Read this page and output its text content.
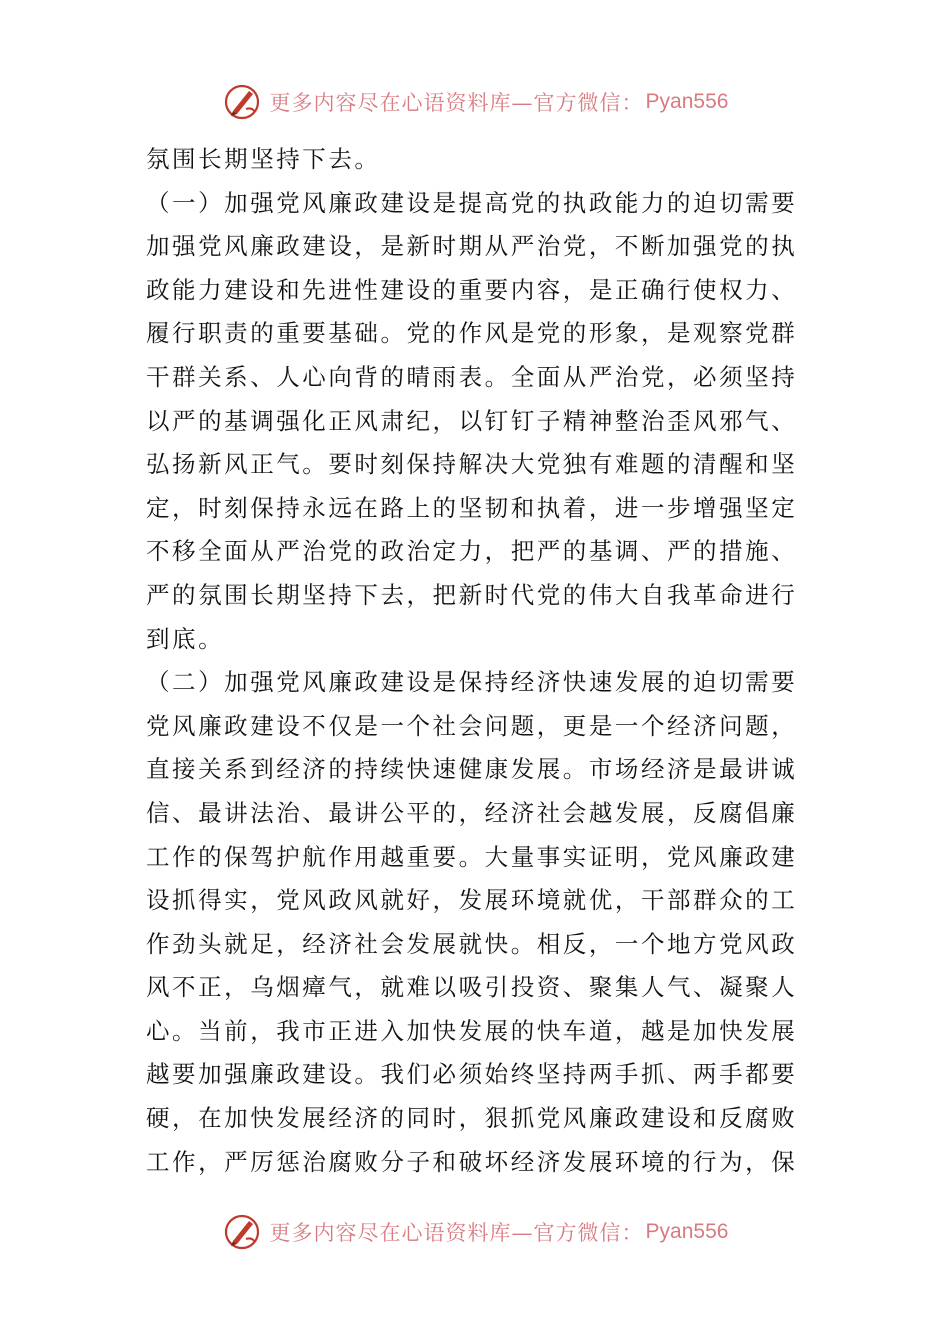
更多内容尽在心语资料库—官方微信： Pyan556
氛围长期坚持下去。
（一）加强党风廉政建设是提高党的执政能力的迫切需要
加强党风廉政建设，是新时期从严治党，不断加强党的执
政能力建设和先进性建设的重要内容，是正确行使权力、
履行职责的重要基础。党的作风是党的形象，是观察党群
干群关系、人心向背的晴雨表。全面从严治党，必须坚持
以严的基调强化正风肃纪，以钉钉子精神整治歪风邪气、
弘扬新风正气。要时刻保持解决大党独有难题的清醒和坚
定，时刻保持永远在路上的坚韧和执着，进一步增强坚定
不移全面从严治党的政治定力，把严的基调、严的措施、
严的氛围长期坚持下去，把新时代党的伟大自我革命进行
到底。
（二）加强党风廉政建设是保持经济快速发展的迫切需要
党风廉政建设不仅是一个社会问题，更是一个经济问题，
直接关系到经济的持续快速健康发展。市场经济是最讲诚
信、最讲法治、最讲公平的，经济社会越发展，反腐倡廉
工作的保驾护航作用越重要。大量事实证明，党风廉政建
设抓得实，党风政风就好，发展环境就优，干部群众的工
作劲头就足，经济社会发展就快。相反，一个地方党风政
风不正，乌烟瘴气，就难以吸引投资、聚集人气、凝聚人
心。当前，我市正进入加快发展的快车道，越是加快发展
越要加强廉政建设。我们必须始终坚持两手抓、两手都要
硬，在加快发展经济的同时，狠抓党风廉政建设和反腐败
工作，严厉惩治腐败分子和破坏经济发展环境的行为，保
更多内容尽在心语资料库—官方微信： Pyan556
